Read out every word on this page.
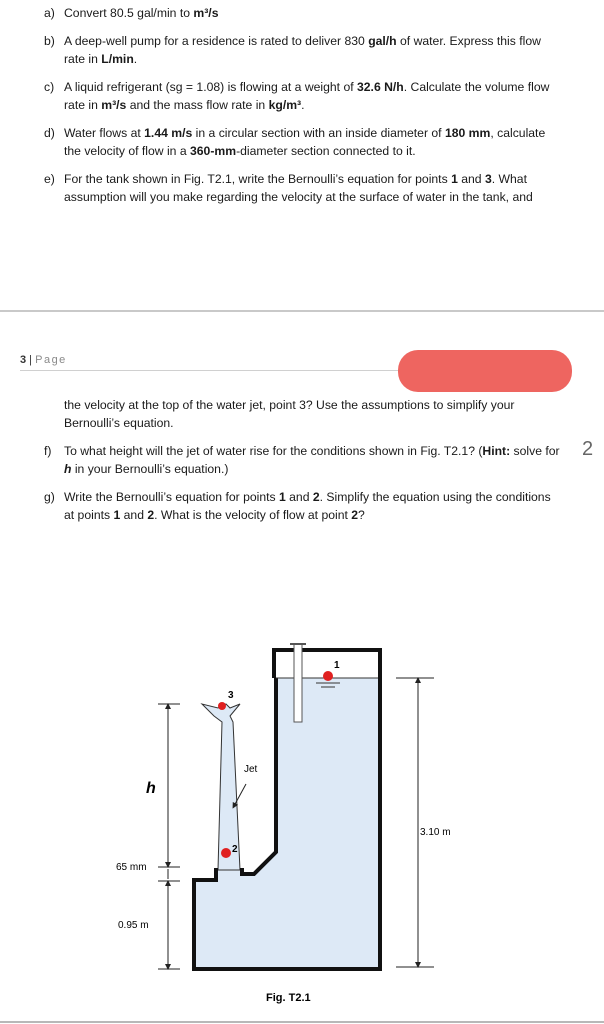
a) Convert 80.5 gal/min to m³/s
b) A deep-well pump for a residence is rated to deliver 830 gal/h of water. Express this flow rate in L/min.
c) A liquid refrigerant (sg = 1.08) is flowing at a weight of 32.6 N/h. Calculate the volume flow rate in m³/s and the mass flow rate in kg/m³.
d) Water flows at 1.44 m/s in a circular section with an inside diameter of 180 mm, calculate the velocity of flow in a 360-mm-diameter section connected to it.
e) For the tank shown in Fig. T2.1, write the Bernoulli’s equation for points 1 and 3. What assumption will you make regarding the velocity at the surface of water in the tank, and
3 | Page
the velocity at the top of the water jet, point 3? Use the assumptions to simplify your Bernoulli’s equation.
f) To what height will the jet of water rise for the conditions shown in Fig. T2.1? (Hint: solve for h in your Bernoulli’s equation.)
g) Write the Bernoulli’s equation for points 1 and 2. Simplify the equation using the conditions at points 1 and 2. What is the velocity of flow at point 2?
2
1
2
3
Jet
h
65 mm
0.95 m
3.10 m
Fig. T2.1
